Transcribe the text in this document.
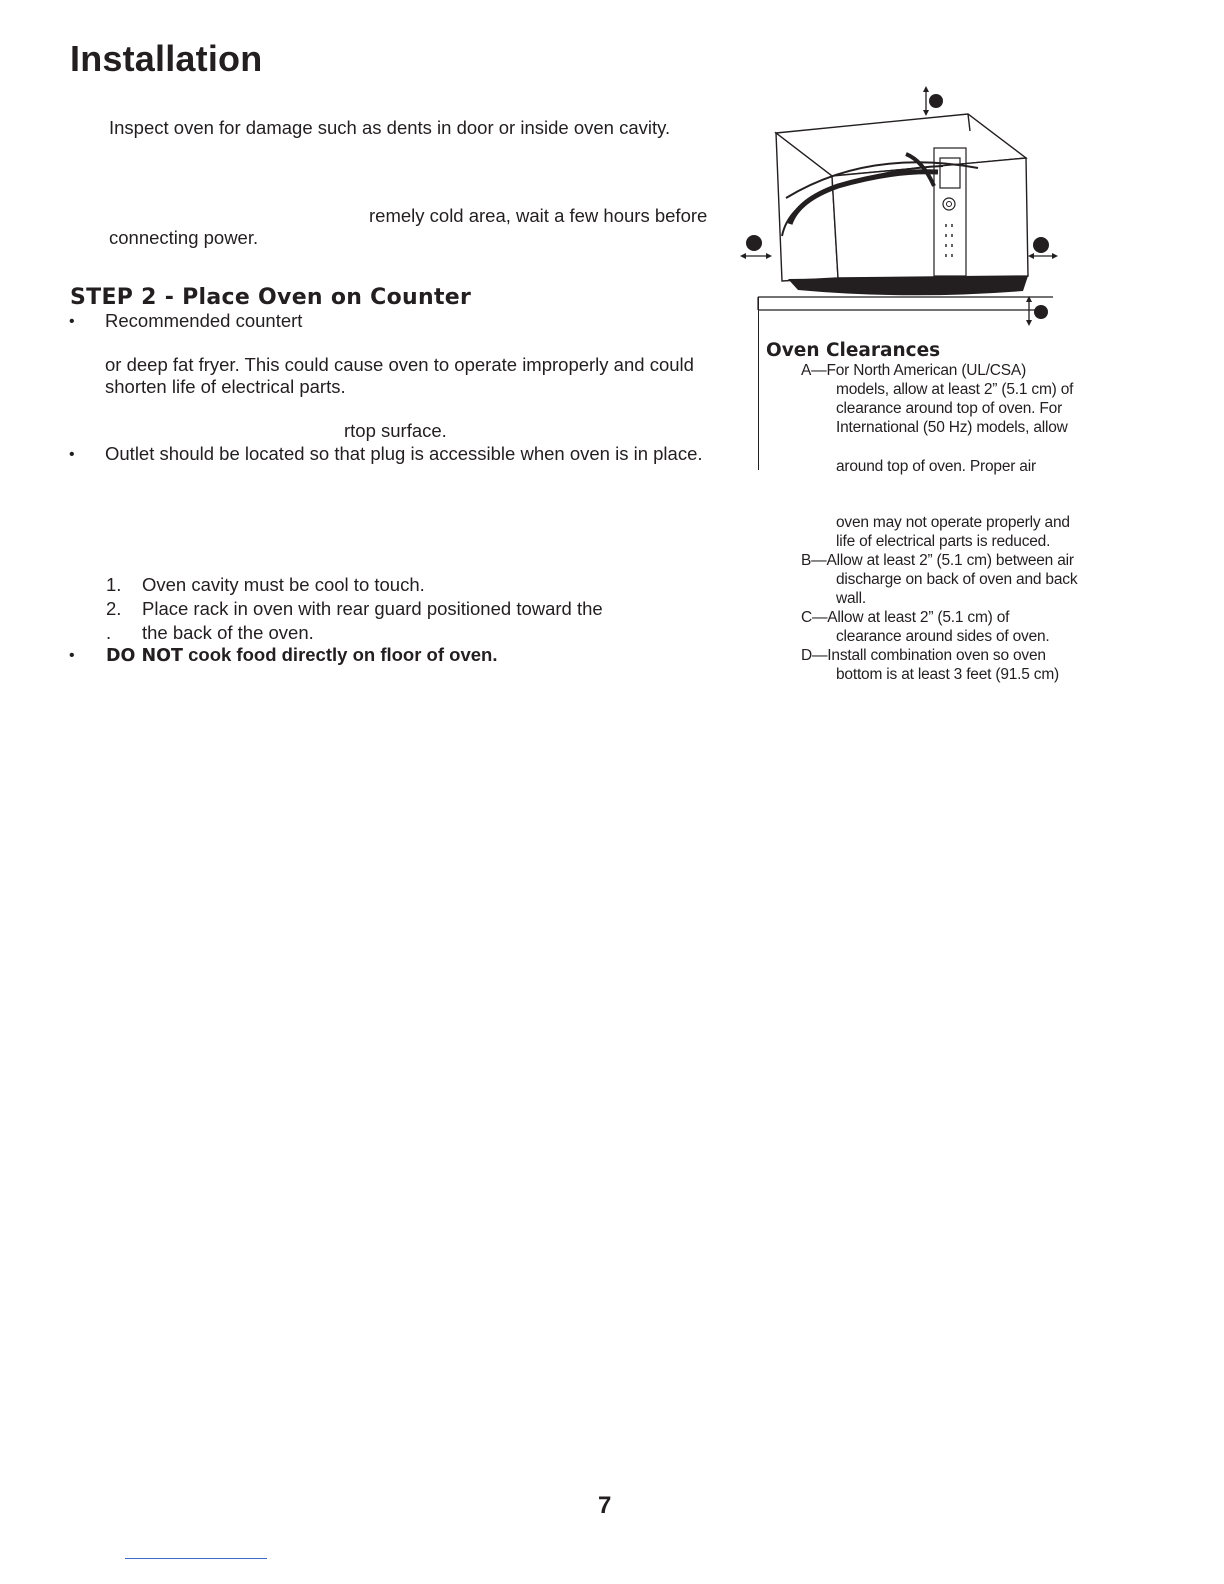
Installation
Inspect oven for damage such as dents in door or inside oven cavity.
remely cold area, wait a few hours before
connecting power.
STEP 2 - Place Oven on Counter
• Recommended countert
or deep fat fryer. This could cause oven to operate improperly and could
shorten life of electrical parts.
rtop surface.
• Outlet should be located so that plug is accessible when oven is in place.
1. Oven cavity must be cool to touch.
2. Place rack in oven with rear guard positioned toward the
. the back of the oven.
• DO NOT cook food directly on floor of oven.
Oven Clearances
A—For North American (UL/CSA)
models, allow at least 2” (5.1 cm) of
clearance around top of oven. For
International (50 Hz) models, allow
around top of oven. Proper air
oven may not operate properly and
life of electrical parts is reduced.
B—Allow at least 2” (5.1 cm) between air
discharge on back of oven and back
wall.
C—Allow at least 2” (5.1 cm) of
clearance around sides of oven.
D—Install combination oven so oven
bottom is at least 3 feet (91.5 cm)
7
